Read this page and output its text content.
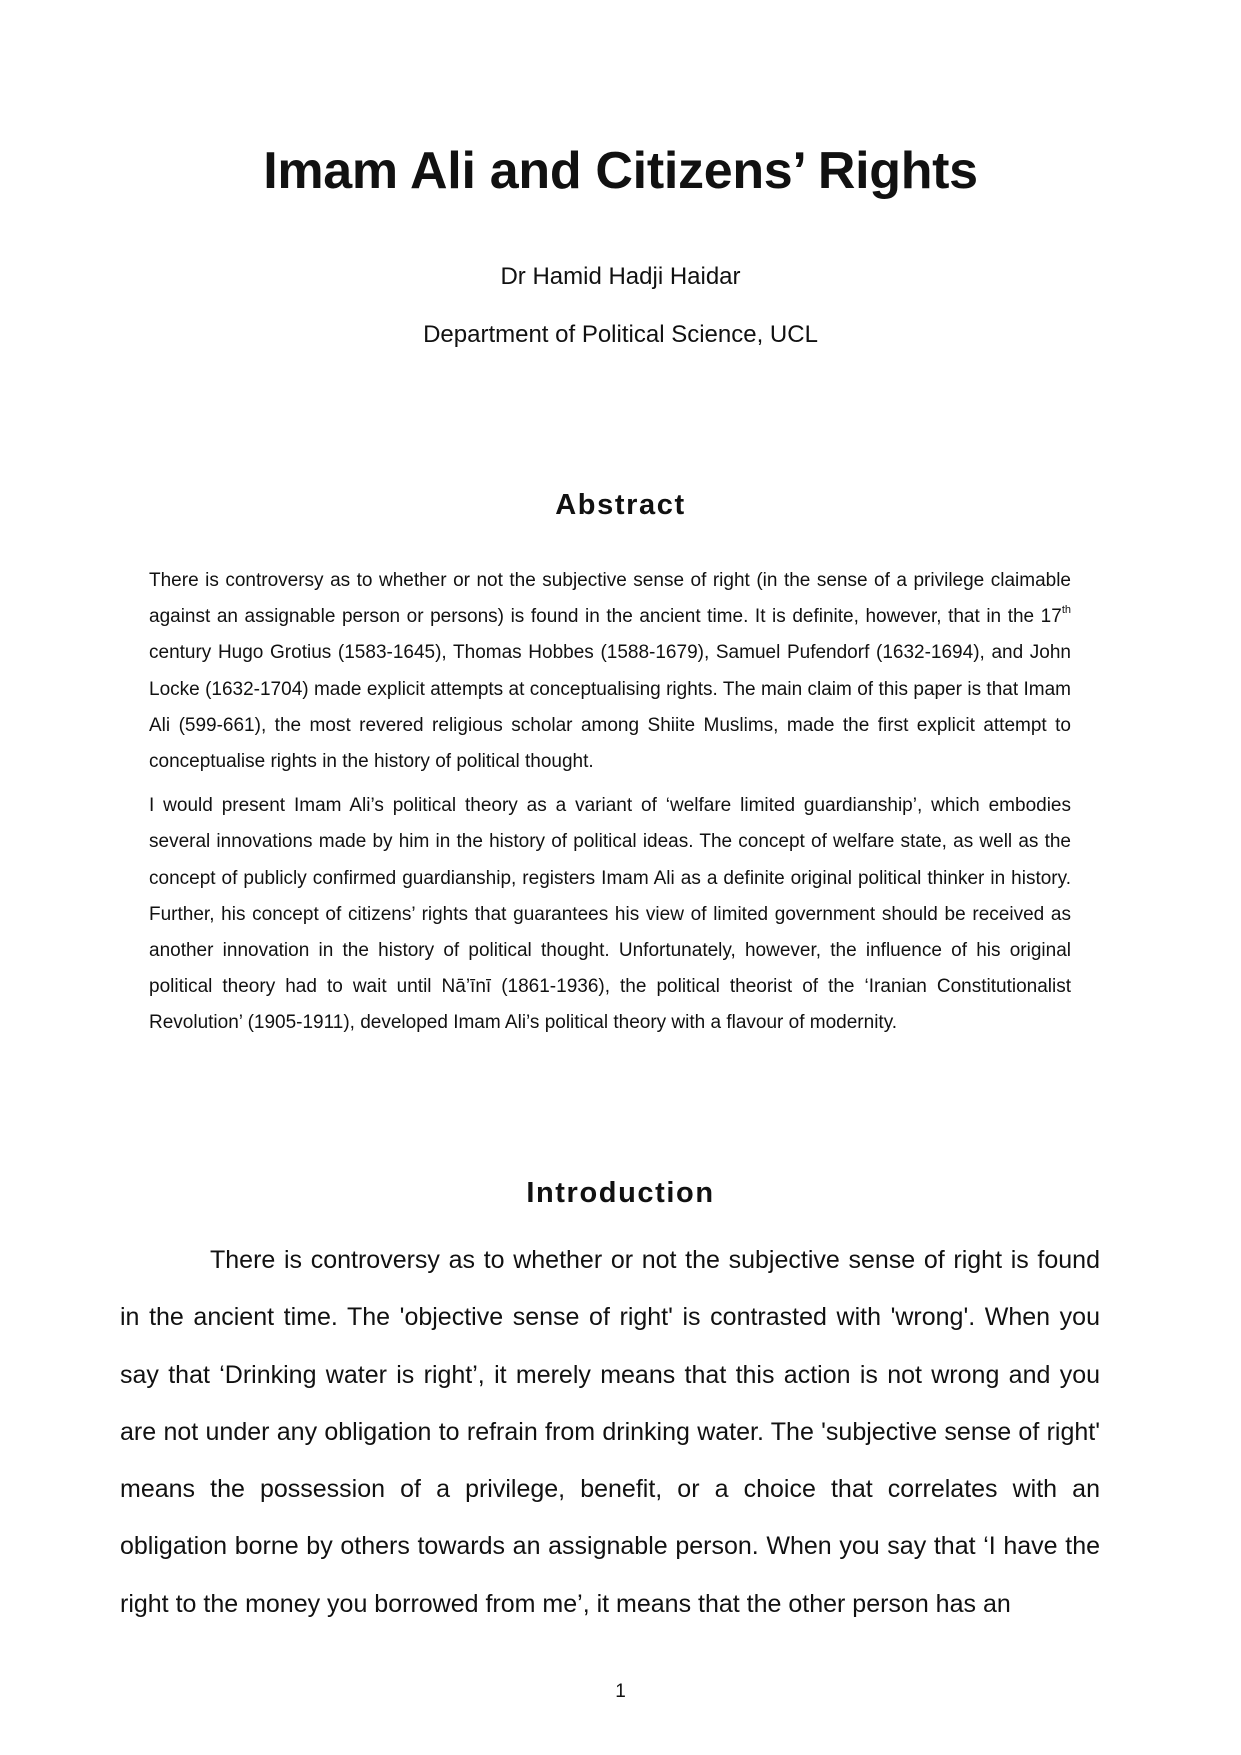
Imam Ali and Citizens’ Rights
Dr Hamid Hadji Haidar
Department of Political Science, UCL
Abstract

There is controversy as to whether or not the subjective sense of right (in the sense of a privilege claimable against an assignable person or persons) is found in the ancient time. It is definite, however, that in the 17th century Hugo Grotius (1583-1645), Thomas Hobbes (1588-1679), Samuel Pufendorf (1632-1694), and John Locke (1632-1704) made explicit attempts at conceptualising rights. The main claim of this paper is that Imam Ali (599-661), the most revered religious scholar among Shiite Muslims, made the first explicit attempt to conceptualise rights in the history of political thought.

I would present Imam Ali’s political theory as a variant of ‘welfare limited guardianship’, which embodies several innovations made by him in the history of political ideas. The concept of welfare state, as well as the concept of publicly confirmed guardianship, registers Imam Ali as a definite original political thinker in history. Further, his concept of citizens’ rights that guarantees his view of limited government should be received as another innovation in the history of political thought. Unfortunately, however, the influence of his original political theory had to wait until Nā’īnī (1861-1936), the political theorist of the ‘Iranian Constitutionalist Revolution’ (1905-1911), developed Imam Ali’s political theory with a flavour of modernity.

Introduction

There is controversy as to whether or not the subjective sense of right is found in the ancient time. The 'objective sense of right' is contrasted with 'wrong'. When you say that ‘Drinking water is right’, it merely means that this action is not wrong and you are not under any obligation to refrain from drinking water. The 'subjective sense of right' means the possession of a privilege, benefit, or a choice that correlates with an obligation borne by others towards an assignable person. When you say that ‘I have the right to the money you borrowed from me’, it means that the other person has an

1
